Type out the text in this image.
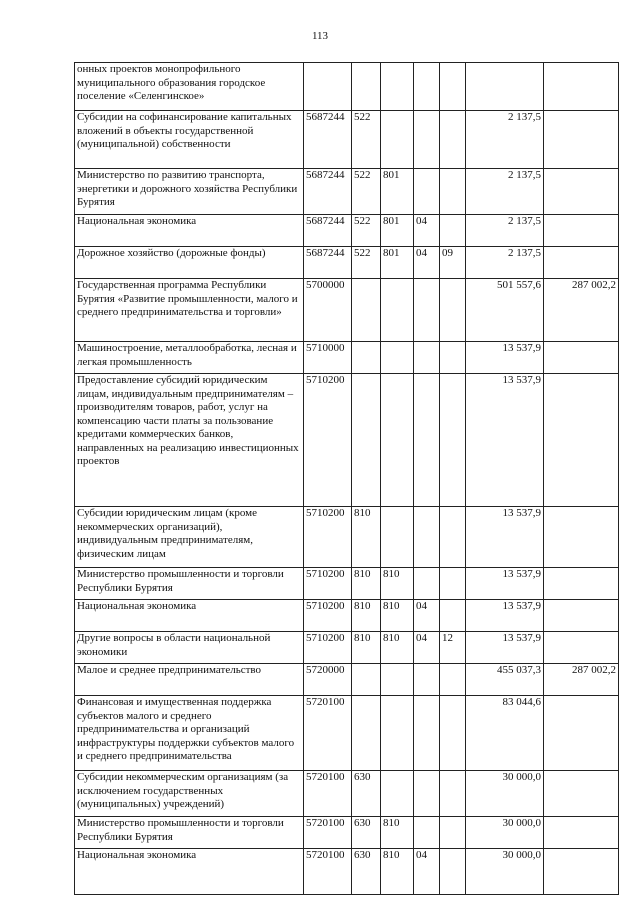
113
онных проектов монопрофильного муниципального образования городское поселение «Селенгинское»							
Субсидии на софинансирование капитальных вложений в объекты государственной (муниципальной) собственности	5687244	522				2 137,5	
Министерство по развитию транспорта, энергетики и дорожного хозяйства Республики Бурятия	5687244	522	801			2 137,5	
Национальная экономика	5687244	522	801	04		2 137,5	
Дорожное хозяйство (дорожные фонды)	5687244	522	801	04	09	2 137,5	
Государственная программа Республики Бурятия «Развитие промышленности, малого и среднего предпринимательства и торговли»	5700000					501 557,6	287 002,2
Машиностроение, металлообработка, лесная и легкая промышленность	5710000					13 537,9	
Предоставление субсидий юридическим лицам, индивидуальным предпринимателям – производителям товаров, работ, услуг на компенсацию части платы за пользование кредитами коммерческих банков, направленных на реализацию инвестиционных проектов	5710200					13 537,9	
Субсидии юридическим лицам (кроме некоммерческих организаций), индивидуальным предпринимателям, физическим лицам	5710200	810				13 537,9	
Министерство промышленности и торговли Республики Бурятия	5710200	810	810			13 537,9	
Национальная экономика	5710200	810	810	04		13 537,9	
Другие вопросы в области национальной экономики	5710200	810	810	04	12	13 537,9	
Малое и среднее предпринимательство	5720000					455 037,3	287 002,2
Финансовая и имущественная поддержка субъектов малого и среднего предпринимательства и организаций инфраструктуры поддержки субъектов малого и среднего предпринимательства	5720100					83 044,6	
Субсидии некоммерческим организациям (за исключением государственных (муниципальных) учреждений)	5720100	630				30 000,0	
Министерство промышленности и торговли Республики Бурятия	5720100	630	810			30 000,0	
Национальная экономика	5720100	630	810	04		30 000,0	
